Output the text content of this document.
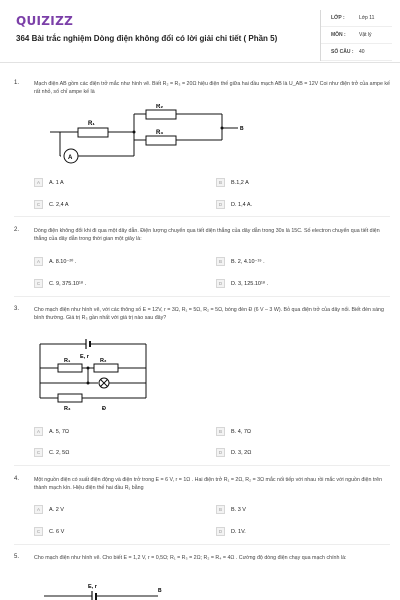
QUIZIZZ
364 Bài trắc nghiệm Dòng điện không đổi có lời giải chi tiết ( Phần 5)
LỚP :	Lớp 11
MÔN :	Vật lý
SỐ CÂU :	40
1.	Mạch điện AB gồm các điện trở mắc như hình vẽ. Biết R₂ = R₃ = 20Ω hiệu điện thế giữa hai đầu mạch AB là U_AB = 12V Coi như điện trở của ampe kế rất nhỏ, số chỉ ampe kế là
R₁
R₂
R₃
A
B
A	A. 1 A	B	B.1,2 A
C	C. 2,4 A	D	D. 1,4 A.
2.	Dòng điện không đổi khi đi qua một dây dẫn. Điện lượng chuyển qua tiết diện thẳng của dây dẫn trong 30s là 15C. Số electron chuyển qua tiết diện thẳng của dây dẫn trong thời gian một giây là:
A	A. 8.10⁻²⁰ .	B	B. 2, 4.10⁻¹⁹ .
C	C. 9, 375.10¹⁸ .	D	D. 3, 125.10¹⁸ .
3.	Cho mạch điện như hình vẽ, với các thông số E = 12V, r = 3Ω, R₁ = 5Ω, R₂ = 5Ω, bóng đèn Đ (6 V – 3 W). Bỏ qua điện trở của dây nối. Biết đèn sáng bình thường. Giá trị R₃ gần nhất với giá trị nào sau đây?
E, r
R₁	R₂
R₃	Đ
A	A. 5, 7Ω	B	B. 4, 7Ω
C	C. 2, 5Ω	D	D. 3, 2Ω
4.	Một nguồn điện có suất điện động và điện trở trong E = 6 V, r = 1Ω . Hai điện trở R₁ = 2Ω, R₂ = 3Ω mắc nối tiếp với nhau rồi mắc với nguồn điện trên thành mạch kín. Hiệu điện thế hai đầu R₁ bằng
A	A. 2 V	B	B. 3 V
C	C. 6 V	D	D. 1V.
5.	Cho mạch điện như hình vẽ. Cho biết E = 1,2 V, r = 0,5Ω; R₁ = R₃ = 2Ω; R₂ = R₄ = 4Ω . Cường độ dòng điện chạy qua mạch chính là:
E, r
B
